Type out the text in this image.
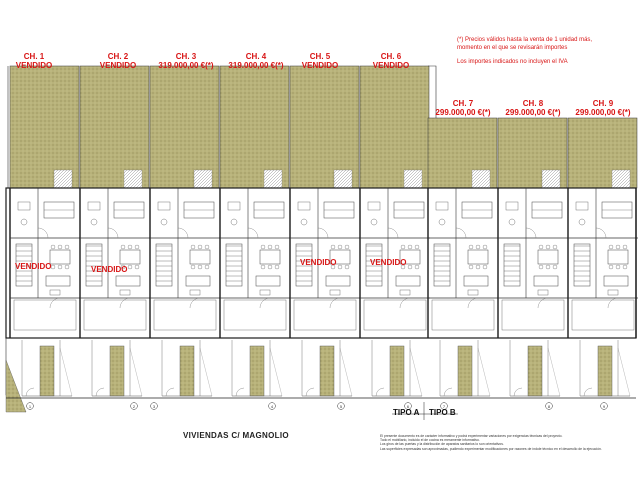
1	2	3	4	5	6	7	8	9
CH. 1
VENDIDO
CH. 2
VENDIDO
CH. 3
319.000,00 €(*)
CH. 4
319.000,00 €(*)
CH. 5
VENDIDO
CH. 6
VENDIDO
CH. 7
299.000,00 €(*)
CH. 8
299.000,00 €(*)
CH. 9
299.000,00 €(*)
(*) Precios válidos hasta la venta de 1 unidad más,
momento en el que se revisarán importes
Los importes indicados no incluyen el IVA
VENDIDO	VENDIDO
VENDIDO	VENDIDO
TIPO A TIPO B
VIVIENDAS C/ MAGNOLIO	El presente documento es de carácter informativo y podrá experimentar variaciones por exigencias técnicas del proyecto.
Todo el mobiliario, incluido el de cocina es meramente informativo.
Los giros de las puertas y la distribución de aparatos sanitarios lo son orientativos.
Las superficies expresadas son aproximadas, pudiendo experimentar modificaciones por razones de índole técnico en el desarrollo de la ejecución.
